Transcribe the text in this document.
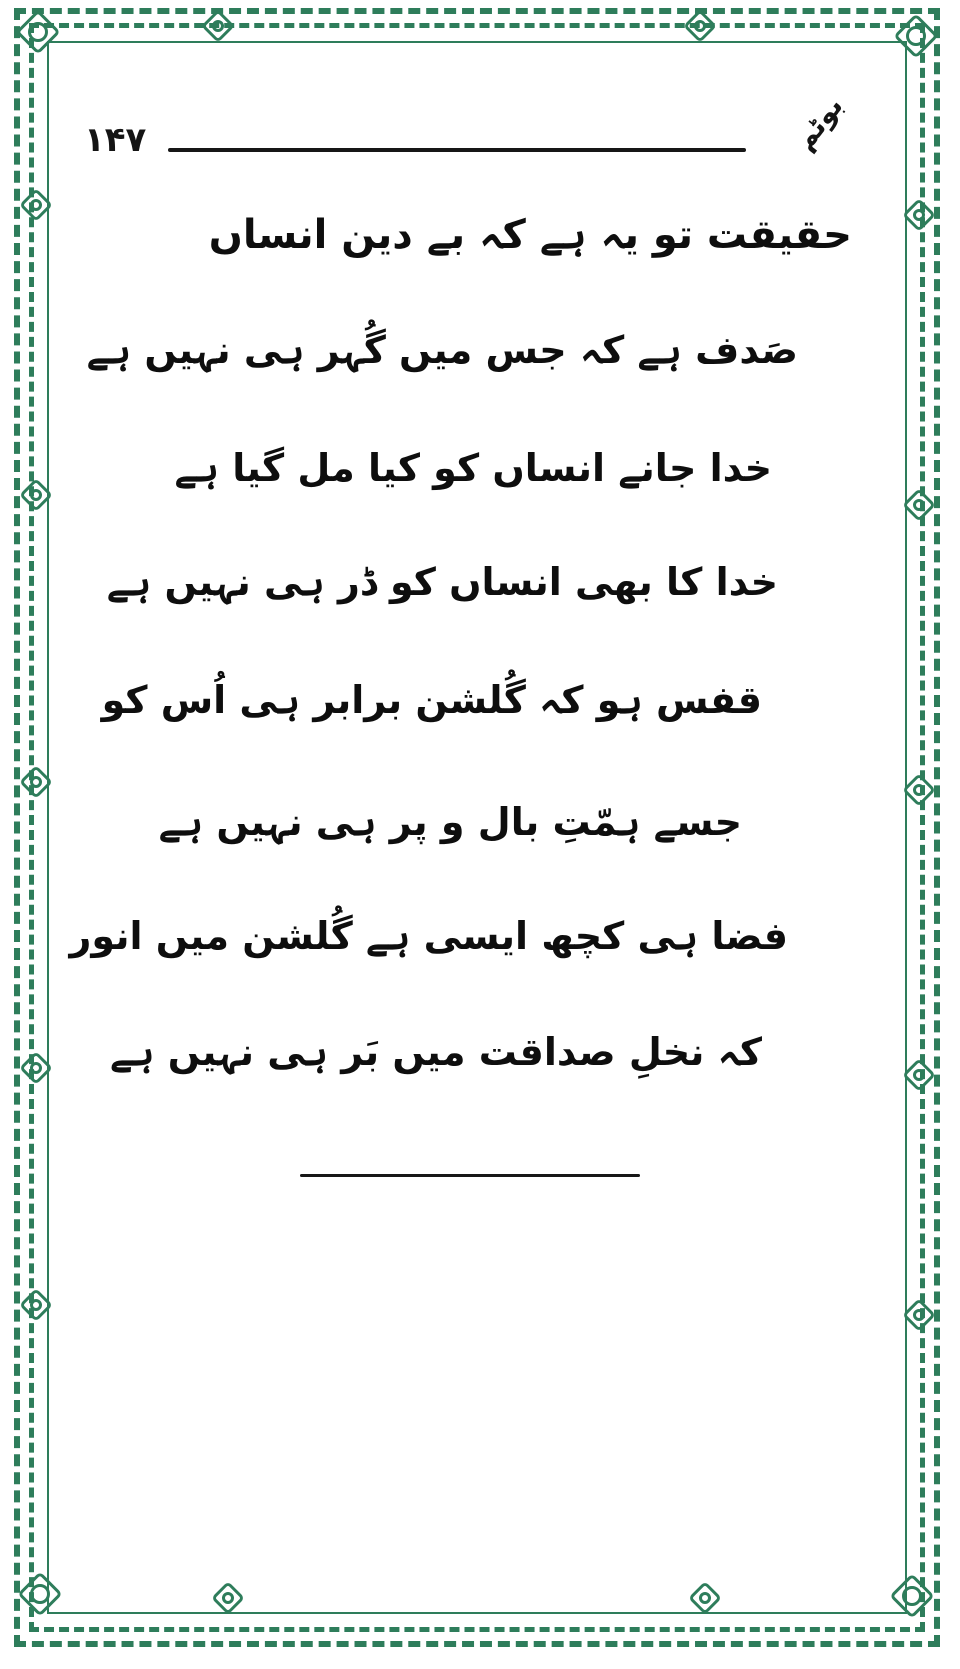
۱۴۷	بوٹم
حقیقت تو یہ ہے کہ بے دین انساں
صَدف ہے کہ جس میں گُہر ہی نہیں ہے
خدا جانے انساں کو کیا مل گیا ہے
خدا کا بھی انساں کو ڈر ہی نہیں ہے
قفس ہو کہ گُلشن برابر ہی اُس کو
جسے ہمّتِ بال و پر ہی نہیں ہے
فضا ہی کچھ ایسی ہے گُلشن میں انور
کہ نخلِ صداقت میں بَر ہی نہیں ہے
